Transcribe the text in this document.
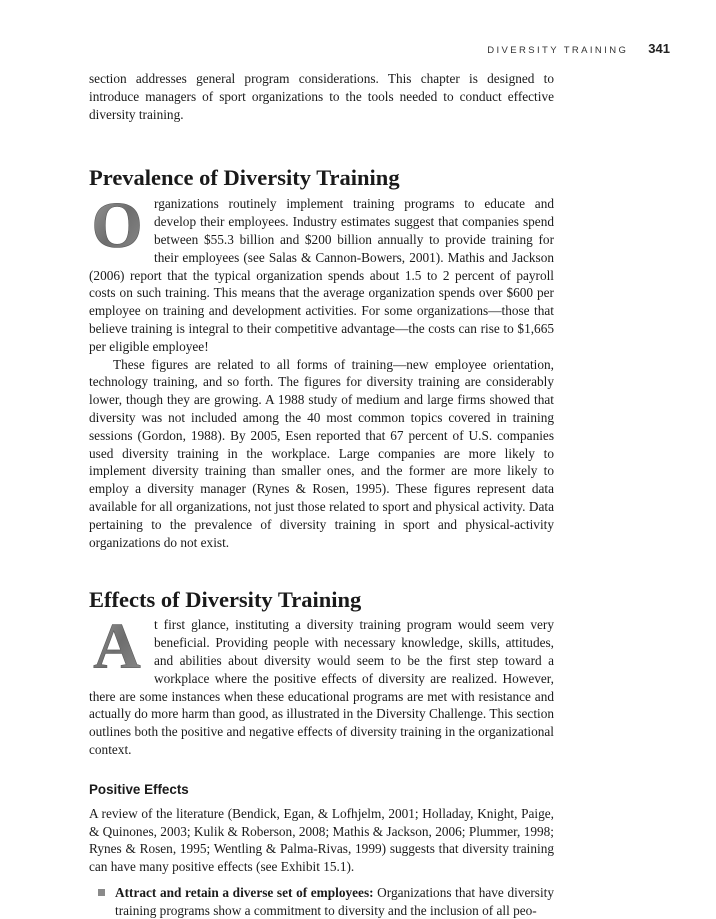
DIVERSITY TRAINING 341

section addresses general program considerations. This chapter is designed to introduce managers of sport organizations to the tools needed to conduct effective diversity training.

Prevalence of Diversity Training

O rganizations routinely implement training programs to educate and develop their employees. Industry estimates suggest that companies spend between $55.3 billion and $200 billion annually to provide training for their employees (see Salas & Cannon-Bowers, 2001). Mathis and Jackson (2006) report that the typical organization spends about 1.5 to 2 percent of payroll costs on such training. This means that the average organization spends over $600 per employee on training and development activities. For some organizations—those that believe training is integral to their competitive advantage—the costs can rise to $1,665 per eligible employee!

These figures are related to all forms of training—new employee orientation, technology training, and so forth. The figures for diversity training are considerably lower, though they are growing. A 1988 study of medium and large firms showed that diversity was not included among the 40 most common topics covered in training sessions (Gordon, 1988). By 2005, Esen reported that 67 percent of U.S. companies used diversity training in the workplace. Large companies are more likely to implement diversity training than smaller ones, and the former are more likely to employ a diversity manager (Rynes & Rosen, 1995). These figures represent data available for all organizations, not just those related to sport and physical activity. Data pertaining to the prevalence of diversity training in sport and physical-activity organizations do not exist.

Effects of Diversity Training

A t first glance, instituting a diversity training program would seem very beneficial. Providing people with necessary knowledge, skills, attitudes, and abilities about diversity would seem to be the first step toward a workplace where the positive effects of diversity are realized. However, there are some instances when these educational programs are met with resistance and actually do more harm than good, as illustrated in the Diversity Challenge. This section outlines both the positive and negative effects of diversity training in the organizational context.

Positive Effects

A review of the literature (Bendick, Egan, & Lofhjelm, 2001; Holladay, Knight, Paige, & Quinones, 2003; Kulik & Roberson, 2008; Mathis & Jackson, 2006; Plummer, 1998; Rynes & Rosen, 1995; Wentling & Palma-Rivas, 1999) suggests that diversity training can have many positive effects (see Exhibit 15.1).

Attract and retain a diverse set of employees: Organizations that have diversity training programs show a commitment to diversity and the inclusion of all peo-
